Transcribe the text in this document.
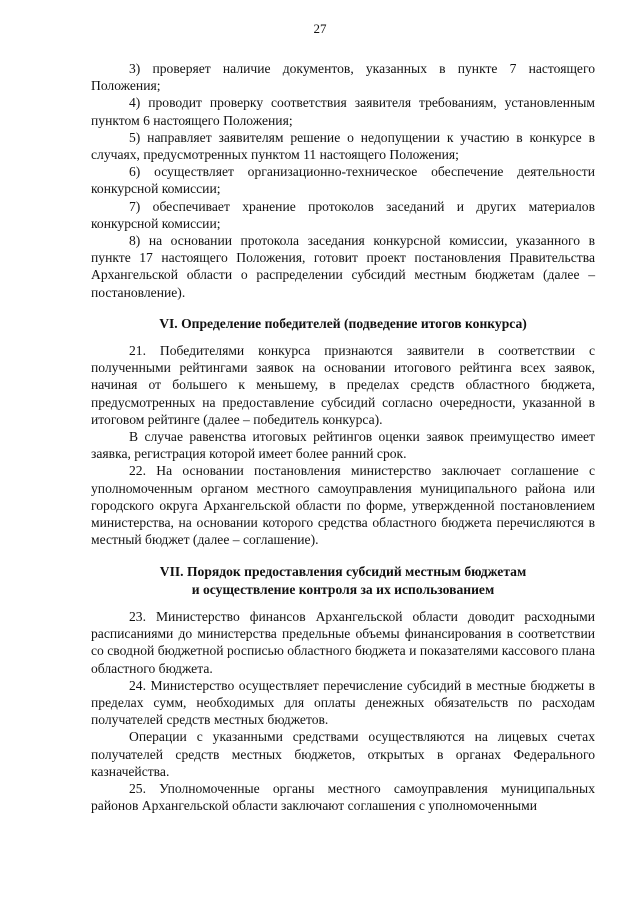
27

3) проверяет наличие документов, указанных в пункте 7 настоящего Положения;

4) проводит проверку соответствия заявителя требованиям, установленным пунктом 6 настоящего Положения;

5) направляет заявителям решение о недопущении к участию в конкурсе в случаях, предусмотренных пунктом 11 настоящего Положения;

6) осуществляет организационно-техническое обеспечение деятельности конкурсной комиссии;

7) обеспечивает хранение протоколов заседаний и других материалов конкурсной комиссии;

8) на основании протокола заседания конкурсной комиссии, указанного в пункте 17 настоящего Положения, готовит проект постановления Правительства Архангельской области о распределении субсидий местным бюджетам (далее – постановление).

VI. Определение победителей (подведение итогов конкурса)

21. Победителями конкурса признаются заявители в соответствии с полученными рейтингами заявок на основании итогового рейтинга всех заявок, начиная от большего к меньшему, в пределах средств областного бюджета, предусмотренных на предоставление субсидий согласно очередности, указанной в итоговом рейтинге (далее – победитель конкурса).

В случае равенства итоговых рейтингов оценки заявок преимущество имеет заявка, регистрация которой имеет более ранний срок.

22. На основании постановления министерство заключает соглашение с уполномоченным органом местного самоуправления муниципального района или городского округа Архангельской области по форме, утвержденной постановлением министерства, на основании которого средства областного бюджета перечисляются в местный бюджет (далее – соглашение).

VII. Порядок предоставления субсидий местным бюджетам
и осуществление контроля за их использованием

23. Министерство финансов Архангельской области доводит расходными расписаниями до министерства предельные объемы финансирования в соответствии со сводной бюджетной росписью областного бюджета и показателями кассового плана областного бюджета.

24. Министерство осуществляет перечисление субсидий в местные бюджеты в пределах сумм, необходимых для оплаты денежных обязательств по расходам получателей средств местных бюджетов.

Операции с указанными средствами осуществляются на лицевых счетах получателей средств местных бюджетов, открытых в органах Федерального казначейства.

25. Уполномоченные органы местного самоуправления муниципальных районов Архангельской области заключают соглашения с уполномоченными
